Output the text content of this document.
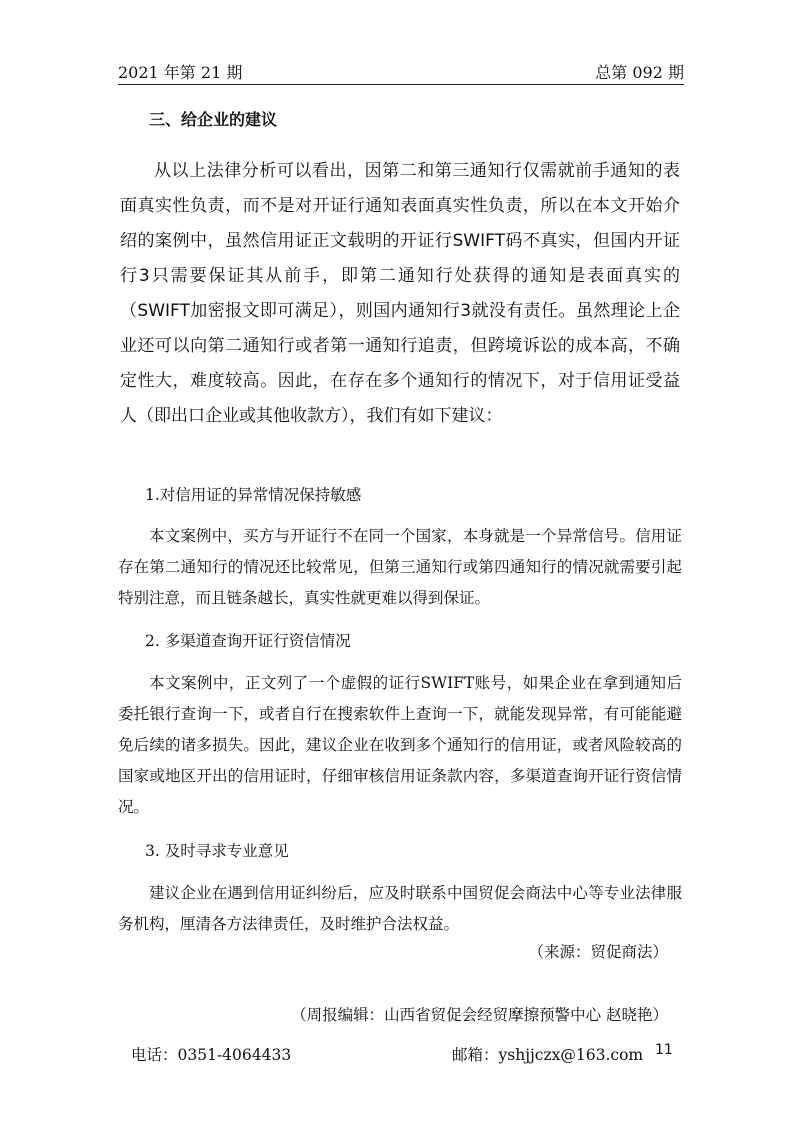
2021 年第 21 期	总第 092 期
三、给企业的建议

从以上法律分析可以看出，因第二和第三通知行仅需就前手通知的表面真实性负责，而不是对开证行通知表面真实性负责，所以在本文开始介绍的案例中，虽然信用证正文载明的开证行SWIFT码不真实，但国内开证行3只需要保证其从前手，即第二通知行处获得的通知是表面真实的（SWIFT加密报文即可满足），则国内通知行3就没有责任。虽然理论上企业还可以向第二通知行或者第一通知行追责，但跨境诉讼的成本高，不确定性大，难度较高。因此，在存在多个通知行的情况下，对于信用证受益人（即出口企业或其他收款方），我们有如下建议：

1.对信用证的异常情况保持敏感

本文案例中，买方与开证行不在同一个国家，本身就是一个异常信号。信用证存在第二通知行的情况还比较常见，但第三通知行或第四通知行的情况就需要引起特别注意，而且链条越长，真实性就更难以得到保证。

2. 多渠道查询开证行资信情况

本文案例中，正文列了一个虚假的证行SWIFT账号，如果企业在拿到通知后委托银行查询一下，或者自行在搜索软件上查询一下，就能发现异常，有可能能避免后续的诸多损失。因此，建议企业在收到多个通知行的信用证，或者风险较高的国家或地区开出的信用证时，仔细审核信用证条款内容，多渠道查询开证行资信情况。

3. 及时寻求专业意见

建议企业在遇到信用证纠纷后，应及时联系中国贸促会商法中心等专业法律服务机构，厘清各方法律责任，及时维护合法权益。

（来源：贸促商法）
（周报编辑：山西省贸促会经贸摩擦预警中心 赵晓艳）
电话：0351-4064433	邮箱：yshjjczx@163.com 11
